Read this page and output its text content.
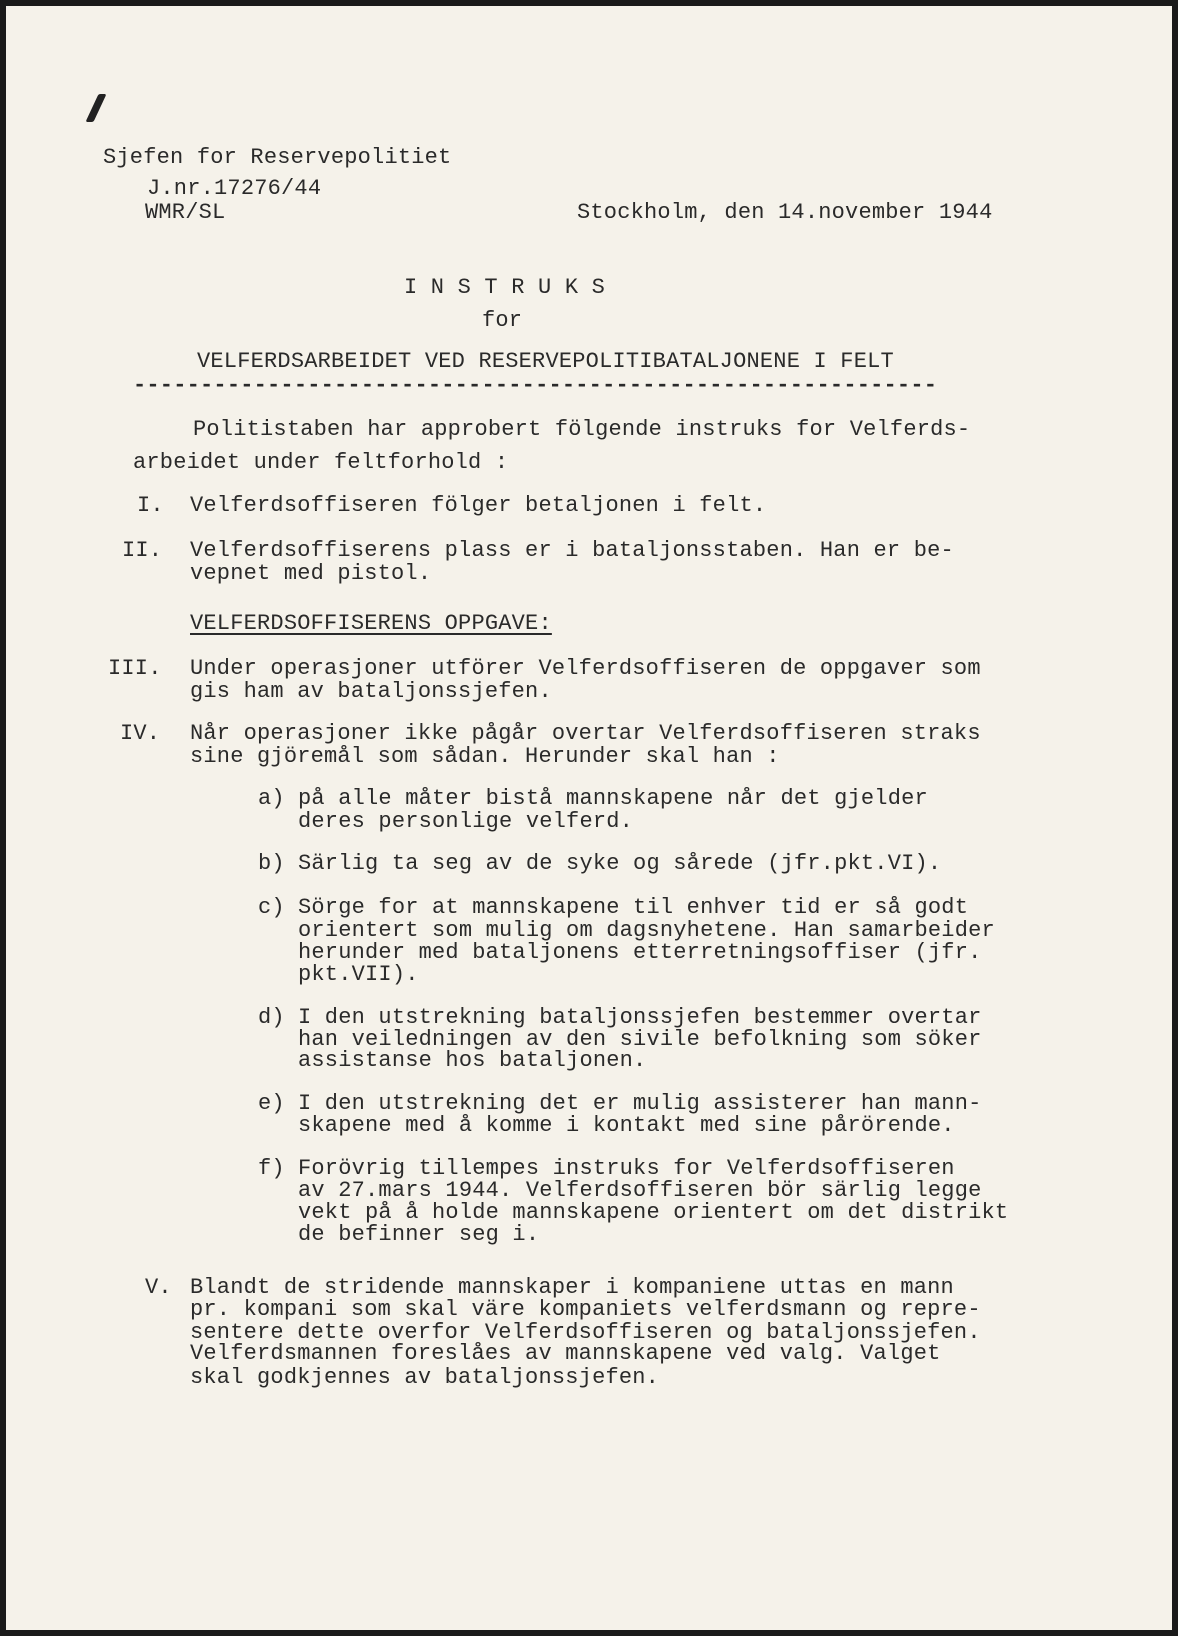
Sjefen for Reservepolitiet
J.nr.17276/44
WMR/SL	Stockholm, den 14.november 1944
I N S T R U K S
for
VELFERDSARBEIDET VED RESERVEPOLITIBATALJONENE I FELT
------------------------------------------------------------
Politistaben har approbert fölgende instruks for Velferds-
arbeidet under feltforhold :
I. Velferdsoffiseren fölger betaljonen i felt.
II. Velferdsoffiserens plass er i bataljonsstaben. Han er be-
vepnet med pistol.
VELFERDSOFFISERENS OPPGAVE:
III. Under operasjoner utförer Velferdsoffiseren de oppgaver som
gis ham av bataljonssjefen.
IV. Når operasjoner ikke pågår overtar Velferdsoffiseren straks
sine gjöremål som sådan. Herunder skal han :
a) på alle måter bistå mannskapene når det gjelder
deres personlige velferd.
b) Särlig ta seg av de syke og sårede (jfr.pkt.VI).
c) Sörge for at mannskapene til enhver tid er så godt
orientert som mulig om dagsnyhetene. Han samarbeider
herunder med bataljonens etterretningsoffiser (jfr.
pkt.VII).
d) I den utstrekning bataljonssjefen bestemmer overtar
han veiledningen av den sivile befolkning som söker
assistanse hos bataljonen.
e) I den utstrekning det er mulig assisterer han mann-
skapene med å komme i kontakt med sine pårörende.
f) Forövrig tillempes instruks for Velferdsoffiseren
av 27.mars 1944. Velferdsoffiseren bör särlig legge
vekt på å holde mannskapene orientert om det distrikt
de befinner seg i.
V. Blandt de stridende mannskaper i kompaniene uttas en mann
pr. kompani som skal väre kompaniets velferdsmann og repre-
sentere dette overfor Velferdsoffiseren og bataljonssjefen.
Velferdsmannen foreslåes av mannskapene ved valg. Valget
skal godkjennes av bataljonssjefen.
